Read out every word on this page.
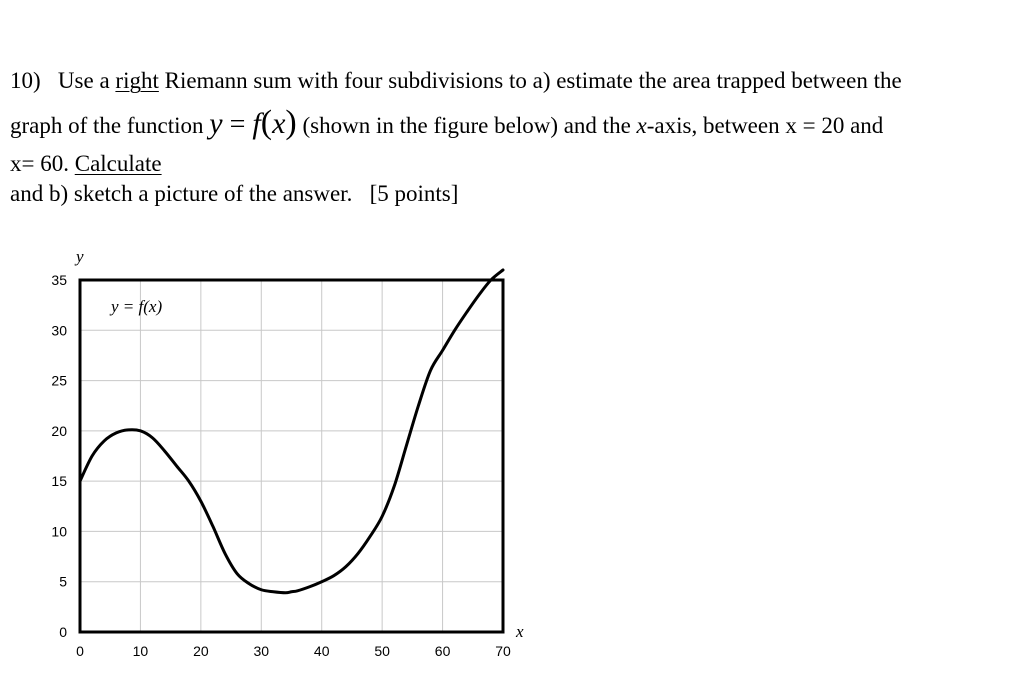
10) Use a right Riemann sum with four subdivisions to a) estimate the area trapped between the
graph of the function y = f(x) (shown in the figure below) and the x-axis, between x = 20 and
x= 60. Calculate
and b) sketch a picture of the answer. [5 points]
0	10	20	30	40	50	60	70
0
5
10
15
20
25
30
35
y
x
y = f(x)
